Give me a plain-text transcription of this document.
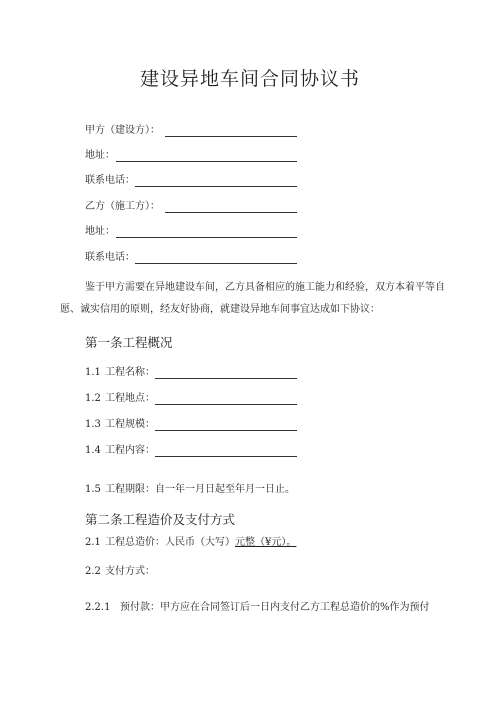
建设异地车间合同协议书
甲方（建设方）：
地址：
联系电话：
乙方（施工方）：
地址：
联系电话：
鉴于甲方需要在异地建设车间，乙方具备相应的施工能力和经验，双方本着平等自
愿、诚实信用的原则，经友好协商，就建设异地车间事宜达成如下协议：
第一条工程概况
1.1 工程名称：
1.2 工程地点：
1.3 工程规模：
1.4 工程内容：
1.5 工程期限：自一年一月日起至年月一日止。
第二条工程造价及支付方式
2.1 工程总造价：人民币（大写）元整（¥元）。
2.2 支付方式：
2.2.1 预付款：甲方应在合同签订后一日内支付乙方工程总造价的%作为预付
